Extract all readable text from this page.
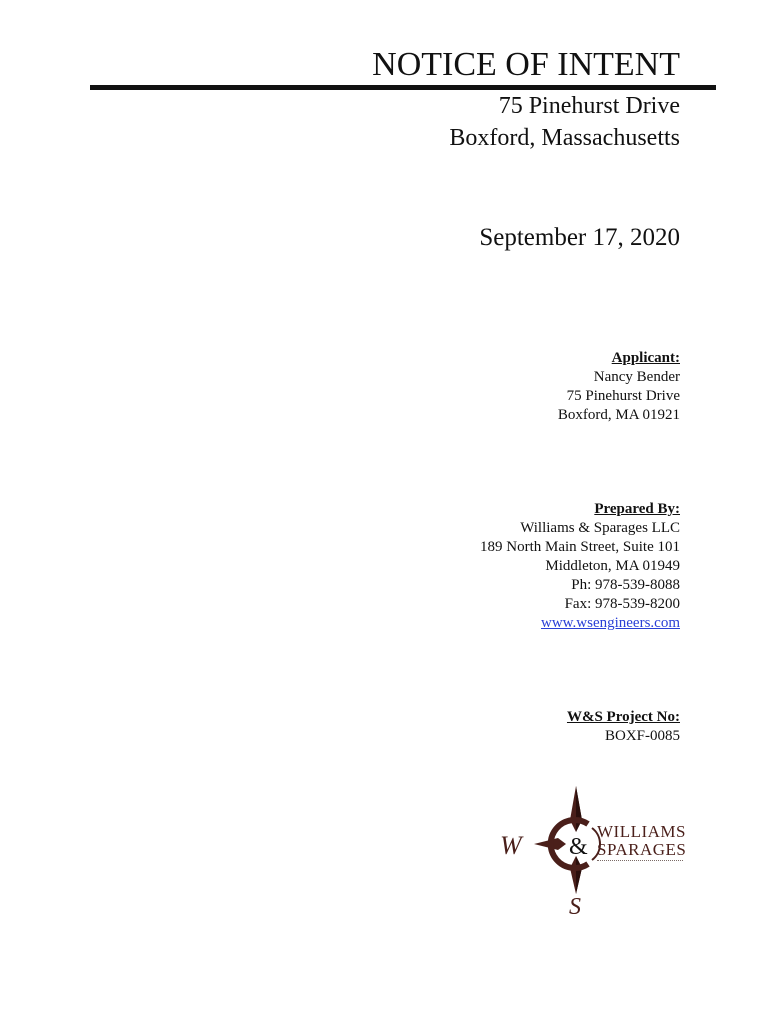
NOTICE OF INTENT
75 Pinehurst Drive
Boxford, Massachusetts
September 17, 2020
Applicant:
Nancy Bender
75 Pinehurst Drive
Boxford, MA 01921
Prepared By:
Williams & Sparages LLC
189 North Main Street, Suite 101
Middleton, MA 01949
Ph: 978-539-8088
Fax: 978-539-8200
www.wsengineers.com
W&S Project No:
BOXF-0085
W &
S
WILLIAMS
SPARAGES
